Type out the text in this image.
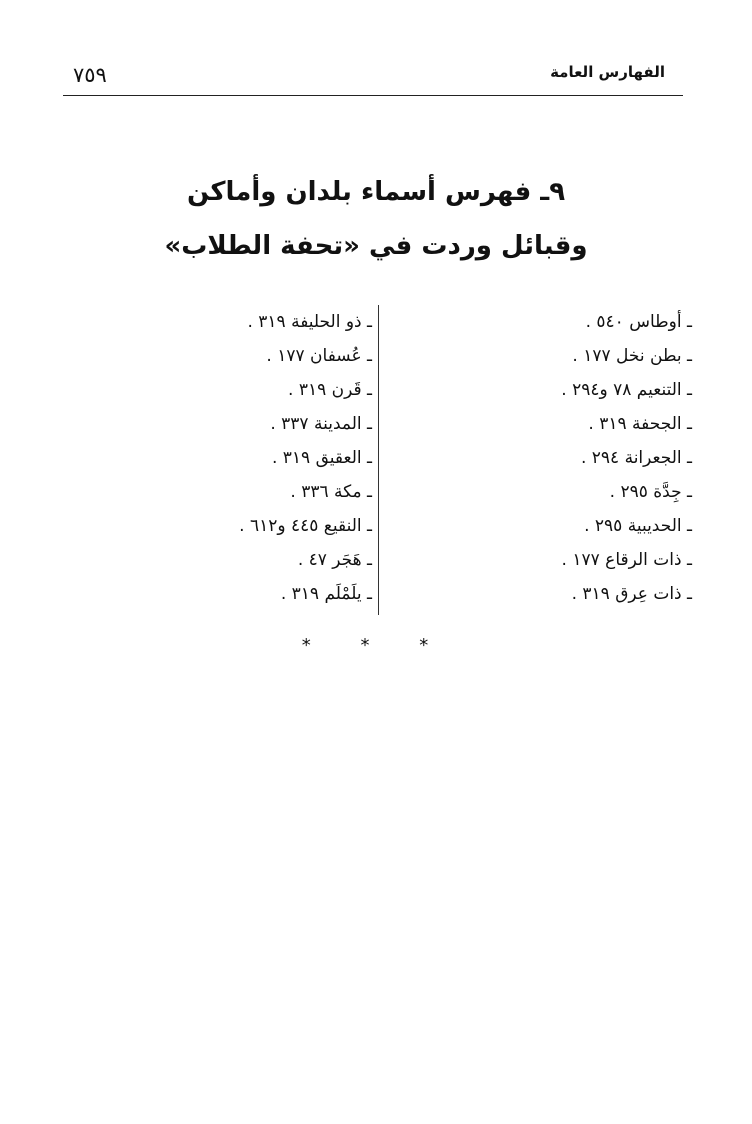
٧٥٩	الفهارس العامة
٩ـ فهرس أسماء بلدان وأماكن
وقبائل وردت في «تحفة الطلاب»
ـ أوطاس ٥٤٠ .
ـ بطن نخل ١٧٧ .
ـ التنعيم ٧٨ و٢٩٤ .
ـ الجحفة ٣١٩ .
ـ الجعرانة ٢٩٤ .
ـ جِدَّة ٢٩٥ .
ـ الحديبية ٢٩٥ .
ـ ذات الرقاع ١٧٧ .
ـ ذات عِرق ٣١٩ .
ـ ذو الحليفة ٣١٩ .
ـ عُسفان ١٧٧ .
ـ قَرن ٣١٩ .
ـ المدينة ٣٣٧ .
ـ العقيق ٣١٩ .
ـ مكة ٣٣٦ .
ـ النقيع ٤٤٥ و٦١٢ .
ـ هَجَر ٤٧ .
ـ يلَمْلَم ٣١٩ .
* * *
